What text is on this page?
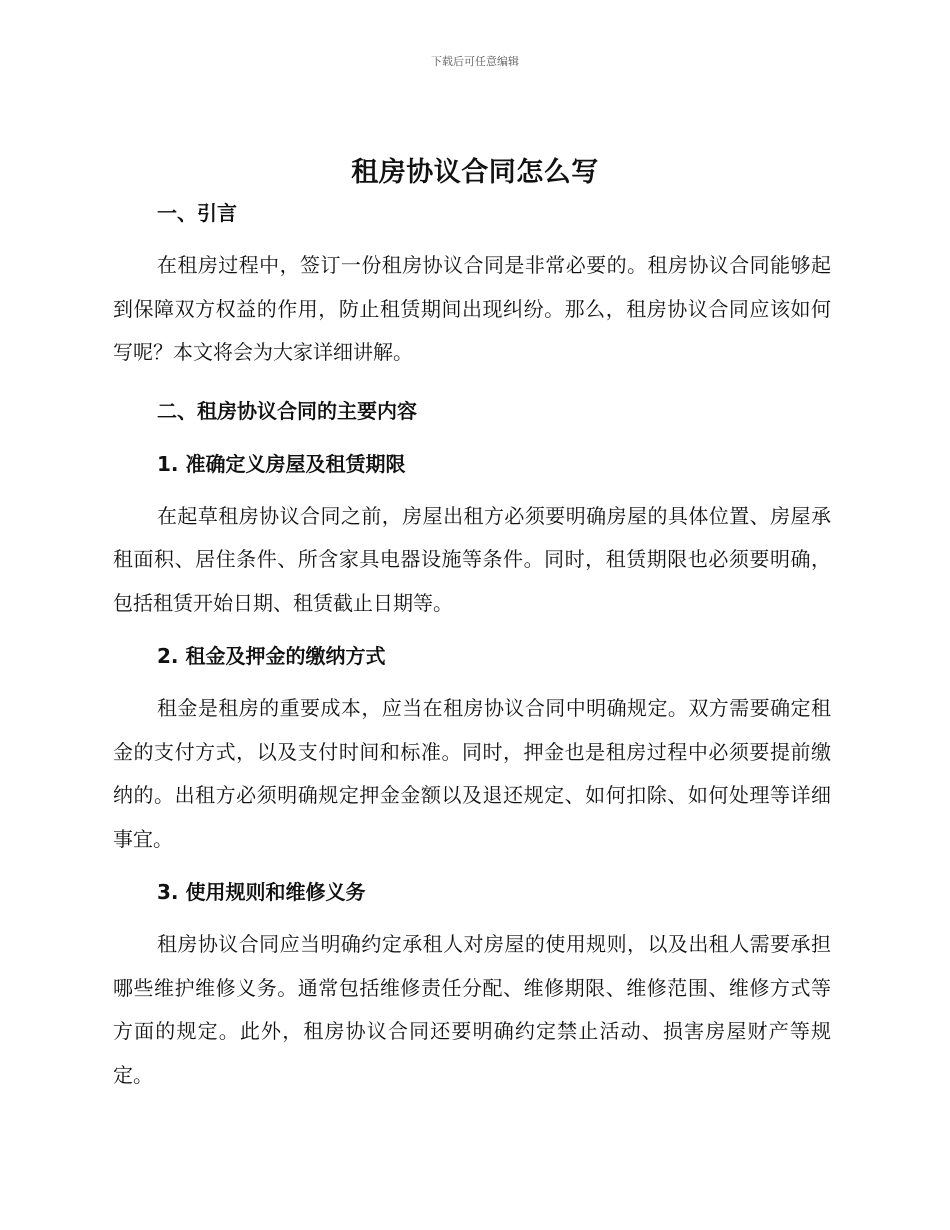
下载后可任意编辑
租房协议合同怎么写
一、引言

在租房过程中，签订一份租房协议合同是非常必要的。租房协议合同能够起到保障双方权益的作用，防止租赁期间出现纠纷。那么，租房协议合同应该如何写呢？本文将会为大家详细讲解。

二、租房协议合同的主要内容
1. 准确定义房屋及租赁期限

在起草租房协议合同之前，房屋出租方必须要明确房屋的具体位置、房屋承租面积、居住条件、所含家具电器设施等条件。同时，租赁期限也必须要明确，包括租赁开始日期、租赁截止日期等。

2. 租金及押金的缴纳方式

租金是租房的重要成本，应当在租房协议合同中明确规定。双方需要确定租金的支付方式，以及支付时间和标准。同时，押金也是租房过程中必须要提前缴纳的。出租方必须明确规定押金金额以及退还规定、如何扣除、如何处理等详细事宜。

3. 使用规则和维修义务

租房协议合同应当明确约定承租人对房屋的使用规则，以及出租人需要承担哪些维护维修义务。通常包括维修责任分配、维修期限、维修范围、维修方式等方面的规定。此外，租房协议合同还要明确约定禁止活动、损害房屋财产等规定。
